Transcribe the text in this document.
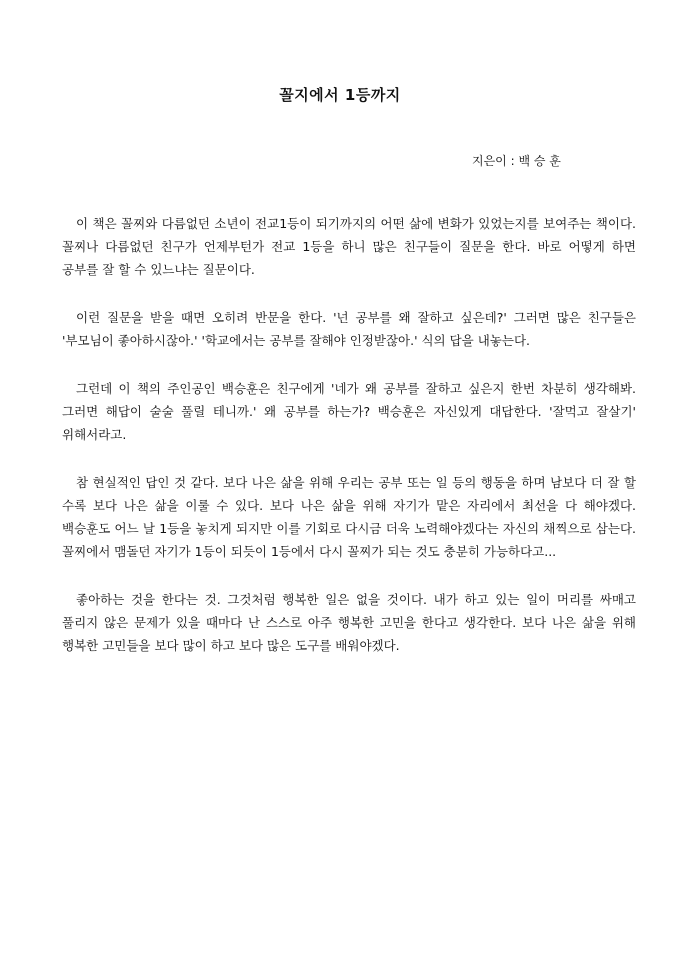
꼴지에서 1등까지
지은이 : 백 승 훈

이 책은 꼴찌와 다름없던 소년이 전교1등이 되기까지의 어떤 삶에 변화가 있었는지를 보여주는 책이다. 꼴찌나 다름없던 친구가 언제부턴가 전교 1등을 하니 많은 친구들이 질문을 한다. 바로 어떻게 하면 공부를 잘 할 수 있느냐는 질문이다.

이런 질문을 받을 때면 오히려 반문을 한다. '넌 공부를 왜 잘하고 싶은데?' 그러면 많은 친구들은 '부모님이 좋아하시잖아.' '학교에서는 공부를 잘해야 인정받잖아.' 식의 답을 내놓는다.

그런데 이 책의 주인공인 백승훈은 친구에게 '네가 왜 공부를 잘하고 싶은지 한번 차분히 생각해봐. 그러면 해답이 술술 풀릴 테니까.' 왜 공부를 하는가? 백승훈은 자신있게 대답한다. '잘먹고 잘살기' 위해서라고.

참 현실적인 답인 것 같다. 보다 나은 삶을 위해 우리는 공부 또는 일 등의 행동을 하며 남보다 더 잘 할 수록 보다 나은 삶을 이룰 수 있다. 보다 나은 삶을 위해 자기가 맡은 자리에서 최선을 다 해야겠다. 백승훈도 어느 날 1등을 놓치게 되지만 이를 기회로 다시금 더욱 노력해야겠다는 자신의 채찍으로 삼는다. 꼴찌에서 맴돌던 자기가 1등이 되듯이 1등에서 다시 꼴찌가 되는 것도 충분히 가능하다고...

좋아하는 것을 한다는 것. 그것처럼 행복한 일은 없을 것이다. 내가 하고 있는 일이 머리를 싸매고 풀리지 않은 문제가 있을 때마다 난 스스로 아주 행복한 고민을 한다고 생각한다. 보다 나은 삶을 위해 행복한 고민들을 보다 많이 하고 보다 많은 도구를 배워야겠다.
